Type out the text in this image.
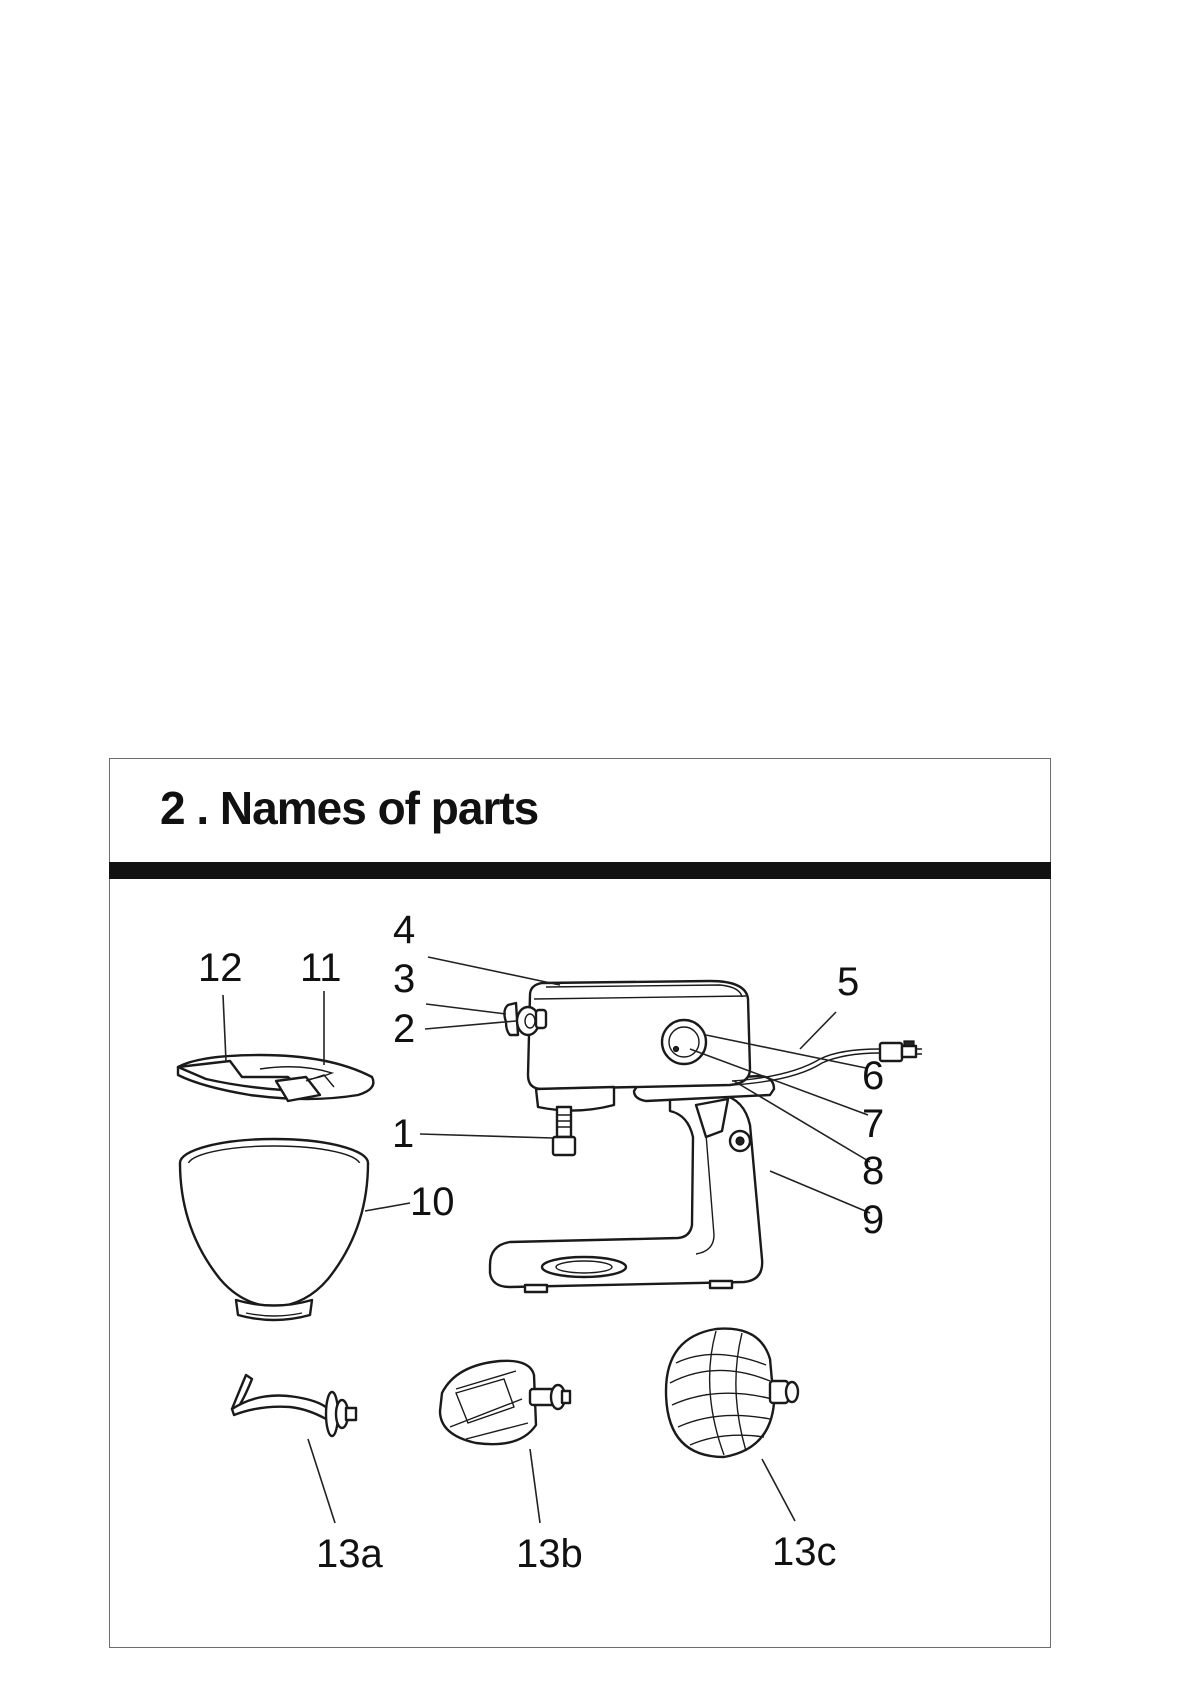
2 . Names of parts
1
2
3
4
5
6
7
8
9
10
11
12
13a	13b	13c
